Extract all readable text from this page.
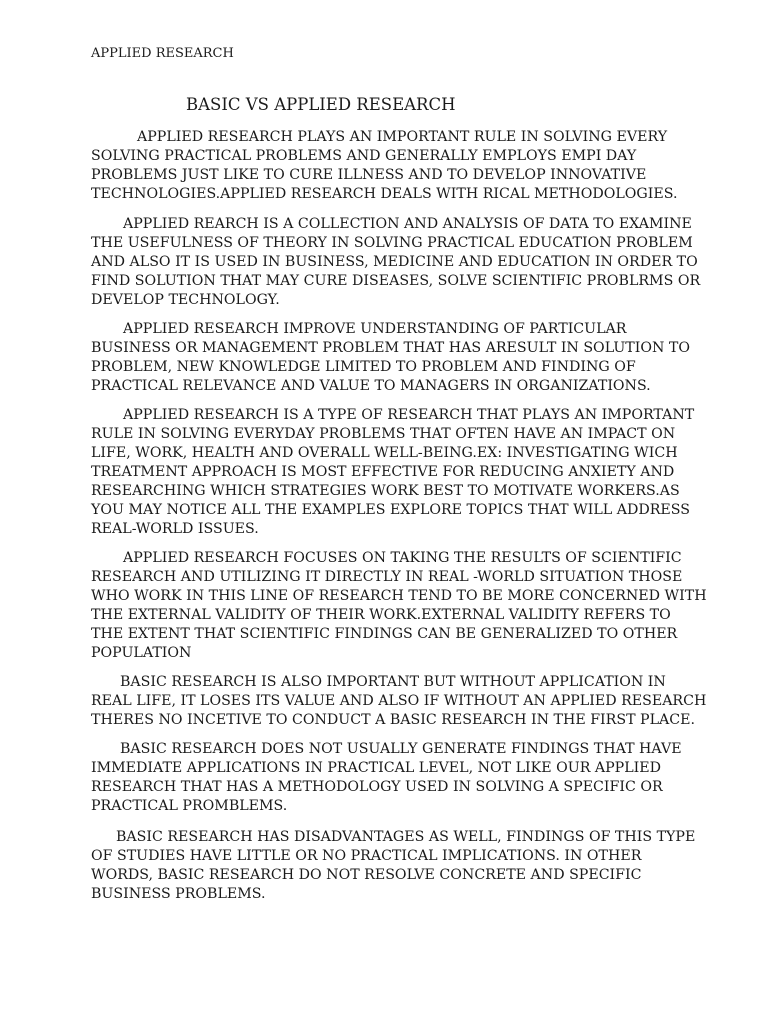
APPLIED RESEARCH
BASIC VS APPLIED RESEARCH

APPLIED RESEARCH PLAYS AN IMPORTANT RULE IN SOLVING EVERY
SOLVING PRACTICAL PROBLEMS AND GENERALLY EMPLOYS EMPI DAY
PROBLEMS JUST LIKE TO CURE ILLNESS AND TO DEVELOP INNOVATIVE
TECHNOLOGIES.APPLIED RESEARCH DEALS WITH RICAL METHODOLOGIES.

APPLIED REARCH IS A COLLECTION AND ANALYSIS OF DATA TO EXAMINE
THE USEFULNESS OF THEORY IN SOLVING PRACTICAL EDUCATION PROBLEM
AND ALSO IT IS USED IN BUSINESS, MEDICINE AND EDUCATION IN ORDER TO
FIND SOLUTION THAT MAY CURE DISEASES, SOLVE SCIENTIFIC PROBLRMS OR
DEVELOP TECHNOLOGY.

APPLIED RESEARCH IMPROVE UNDERSTANDING OF PARTICULAR
BUSINESS OR MANAGEMENT PROBLEM THAT HAS ARESULT IN SOLUTION TO
PROBLEM, NEW KNOWLEDGE LIMITED TO PROBLEM AND FINDING OF
PRACTICAL RELEVANCE AND VALUE TO MANAGERS IN ORGANIZATIONS.

APPLIED RESEARCH IS A TYPE OF RESEARCH THAT PLAYS AN IMPORTANT
RULE IN SOLVING EVERYDAY PROBLEMS THAT OFTEN HAVE AN IMPACT ON
LIFE, WORK, HEALTH AND OVERALL WELL-BEING.EX: INVESTIGATING WICH
TREATMENT APPROACH IS MOST EFFECTIVE FOR REDUCING ANXIETY AND
RESEARCHING WHICH STRATEGIES WORK BEST TO MOTIVATE WORKERS.AS
YOU MAY NOTICE ALL THE EXAMPLES EXPLORE TOPICS THAT WILL ADDRESS
REAL-WORLD ISSUES.

APPLIED RESEARCH FOCUSES ON TAKING THE RESULTS OF SCIENTIFIC
RESEARCH AND UTILIZING IT DIRECTLY IN REAL -WORLD SITUATION THOSE
WHO WORK IN THIS LINE OF RESEARCH TEND TO BE MORE CONCERNED WITH
THE EXTERNAL VALIDITY OF THEIR WORK.EXTERNAL VALIDITY REFERS TO
THE EXTENT THAT SCIENTIFIC FINDINGS CAN BE GENERALIZED TO OTHER
POPULATION

BASIC RESEARCH IS ALSO IMPORTANT BUT WITHOUT APPLICATION IN
REAL LIFE, IT LOSES ITS VALUE AND ALSO IF WITHOUT AN APPLIED RESEARCH
THERES NO INCETIVE TO CONDUCT A BASIC RESEARCH IN THE FIRST PLACE.

BASIC RESEARCH DOES NOT USUALLY GENERATE FINDINGS THAT HAVE
IMMEDIATE APPLICATIONS IN PRACTICAL LEVEL, NOT LIKE OUR APPLIED
RESEARCH THAT HAS A METHODOLOGY USED IN SOLVING A SPECIFIC OR
PRACTICAL PROMBLEMS.

BASIC RESEARCH HAS DISADVANTAGES AS WELL, FINDINGS OF THIS TYPE
OF STUDIES HAVE LITTLE OR NO PRACTICAL IMPLICATIONS. IN OTHER
WORDS, BASIC RESEARCH DO NOT RESOLVE CONCRETE AND SPECIFIC
BUSINESS PROBLEMS.
